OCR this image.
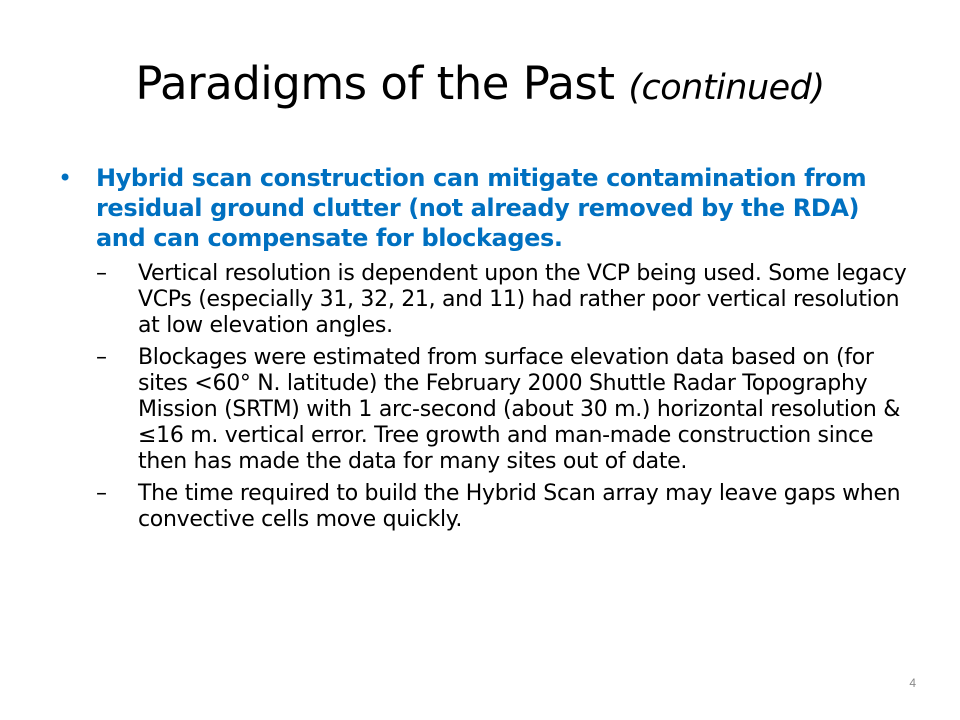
Paradigms of the Past (continued)
• Hybrid scan construction can mitigate contamination from residual ground clutter (not already removed by the RDA) and can compensate for blockages.
– Vertical resolution is dependent upon the VCP being used. Some legacy VCPs (especially 31, 32, 21, and 11) had rather poor vertical resolution at low elevation angles.
– Blockages were estimated from surface elevation data based on (for sites <60° N. latitude) the February 2000 Shuttle Radar Topography Mission (SRTM) with 1 arc-second (about 30 m.) horizontal resolution & ≤16 m. vertical error. Tree growth and man-made construction since then has made the data for many sites out of date.
– The time required to build the Hybrid Scan array may leave gaps when convective cells move quickly.
4
